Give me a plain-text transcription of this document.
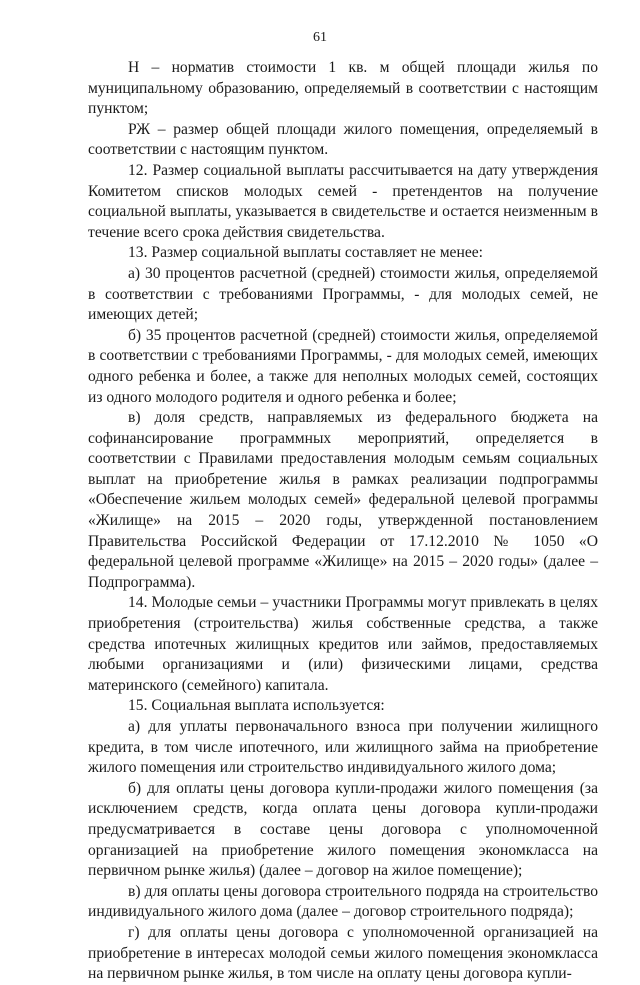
61

Н – норматив стоимости 1 кв. м общей площади жилья по муниципальному образованию, определяемый в соответствии с настоящим пунктом;

РЖ – размер общей площади жилого помещения, определяемый в соответствии с настоящим пунктом.

12. Размер социальной выплаты рассчитывается на дату утверждения Комитетом списков молодых семей - претендентов на получение социальной выплаты, указывается в свидетельстве и остается неизменным в течение всего срока действия свидетельства.

13. Размер социальной выплаты составляет не менее:

а) 30 процентов расчетной (средней) стоимости жилья, определяемой в соответствии с требованиями Программы, - для молодых семей, не имеющих детей;

б) 35 процентов расчетной (средней) стоимости жилья, определяемой в соответствии с требованиями Программы, - для молодых семей, имеющих одного ребенка и более, а также для неполных молодых семей, состоящих из одного молодого родителя и одного ребенка и более;

в) доля средств, направляемых из федерального бюджета на софинансирование программных мероприятий, определяется в соответствии с Правилами предоставления молодым семьям социальных выплат на приобретение жилья в рамках реализации подпрограммы «Обеспечение жильем молодых семей» федеральной целевой программы «Жилище» на 2015 – 2020 годы, утвержденной постановлением Правительства Российской Федерации от 17.12.2010 № 1050 «О федеральной целевой программе «Жилище» на 2015 – 2020 годы» (далее – Подпрограмма).

14. Молодые семьи – участники Программы могут привлекать в целях приобретения (строительства) жилья собственные средства, а также средства ипотечных жилищных кредитов или займов, предоставляемых любыми организациями и (или) физическими лицами, средства материнского (семейного) капитала.

15. Социальная выплата используется:

а) для уплаты первоначального взноса при получении жилищного кредита, в том числе ипотечного, или жилищного займа на приобретение жилого помещения или строительство индивидуального жилого дома;

б) для оплаты цены договора купли-продажи жилого помещения (за исключением средств, когда оплата цены договора купли-продажи предусматривается в составе цены договора с уполномоченной организацией на приобретение жилого помещения экономкласса на первичном рынке жилья) (далее – договор на жилое помещение);

в) для оплаты цены договора строительного подряда на строительство индивидуального жилого дома (далее – договор строительного подряда);

г) для оплаты цены договора с уполномоченной организацией на приобретение в интересах молодой семьи жилого помещения экономкласса на первичном рынке жилья, в том числе на оплату цены договора купли-
